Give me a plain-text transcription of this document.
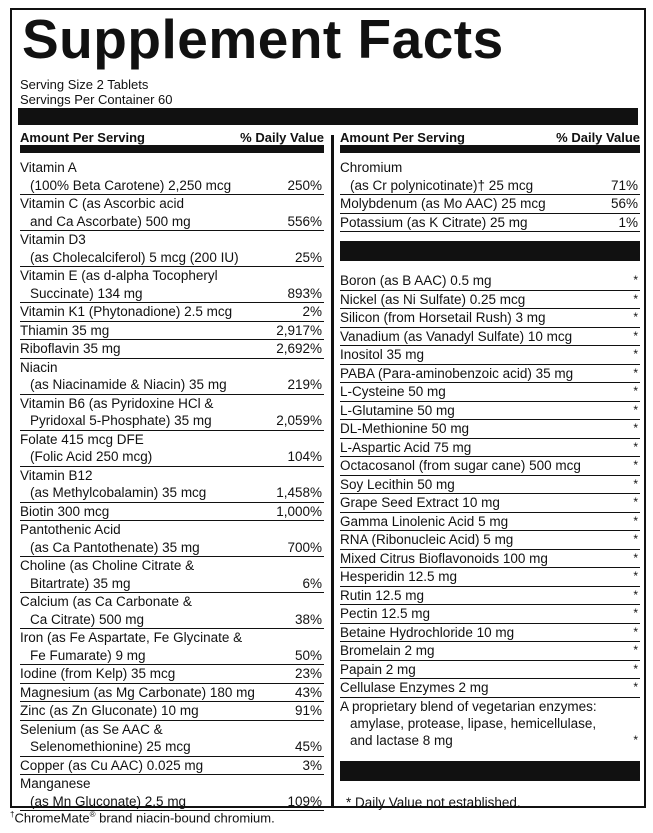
Supplement Facts
Serving Size 2 Tablets
Servings Per Container 60
Amount Per Serving	% Daily Value
Vitamin A
(100% Beta Carotene) 2,250 mcg	250%
Vitamin C (as Ascorbic acid
and Ca Ascorbate) 500 mg	556%
Vitamin D3
(as Cholecalciferol) 5 mcg (200 IU)	25%
Vitamin E (as d-alpha Tocopheryl
Succinate) 134 mg	893%
Vitamin K1 (Phytonadione) 2.5 mcg	2%
Thiamin 35 mg	2,917%
Riboflavin 35 mg	2,692%
Niacin
(as Niacinamide & Niacin) 35 mg	219%
Vitamin B6 (as Pyridoxine HCl &
Pyridoxal 5-Phosphate) 35 mg	2,059%
Folate 415 mcg DFE
(Folic Acid 250 mcg)	104%
Vitamin B12
(as Methylcobalamin) 35 mcg	1,458%
Biotin 300 mcg	1,000%
Pantothenic Acid
(as Ca Pantothenate) 35 mg	700%
Choline (as Choline Citrate &
Bitartrate) 35 mg	6%
Calcium (as Ca Carbonate &
Ca Citrate) 500 mg	38%
Iron (as Fe Aspartate, Fe Glycinate &
Fe Fumarate) 9 mg	50%
Iodine (from Kelp) 35 mcg	23%
Magnesium (as Mg Carbonate) 180 mg	43%
Zinc (as Zn Gluconate) 10 mg	91%
Selenium (as Se AAC &
Selenomethionine) 25 mcg	45%
Copper (as Cu AAC) 0.025 mg	3%
Manganese
(as Mn Gluconate) 2.5 mg	109%
Amount Per Serving	% Daily Value
Chromium
(as Cr polynicotinate)† 25 mcg	71%
Molybdenum (as Mo AAC) 25 mcg	56%
Potassium (as K Citrate) 25 mg	1%
Boron (as B AAC) 0.5 mg	*
Nickel (as Ni Sulfate) 0.25 mcg	*
Silicon (from Horsetail Rush) 3 mg	*
Vanadium (as Vanadyl Sulfate) 10 mcg	*
Inositol 35 mg	*
PABA (Para-aminobenzoic acid) 35 mg	*
L-Cysteine 50 mg	*
L-Glutamine 50 mg	*
DL-Methionine 50 mg	*
L-Aspartic Acid 75 mg	*
Octacosanol (from sugar cane) 500 mcg	*
Soy Lecithin 50 mg	*
Grape Seed Extract 10 mg	*
Gamma Linolenic Acid 5 mg	*
RNA (Ribonucleic Acid) 5 mg	*
Mixed Citrus Bioflavonoids 100 mg	*
Hesperidin 12.5 mg	*
Rutin 12.5 mg	*
Pectin 12.5 mg	*
Betaine Hydrochloride 10 mg	*
Bromelain 2 mg	*
Papain 2 mg	*
Cellulase Enzymes 2 mg	*
A proprietary blend of vegetarian enzymes:
amylase, protease, lipase, hemicellulase,
and lactase 8 mg	*
* Daily Value not established.
†ChromeMate® brand niacin-bound chromium.
